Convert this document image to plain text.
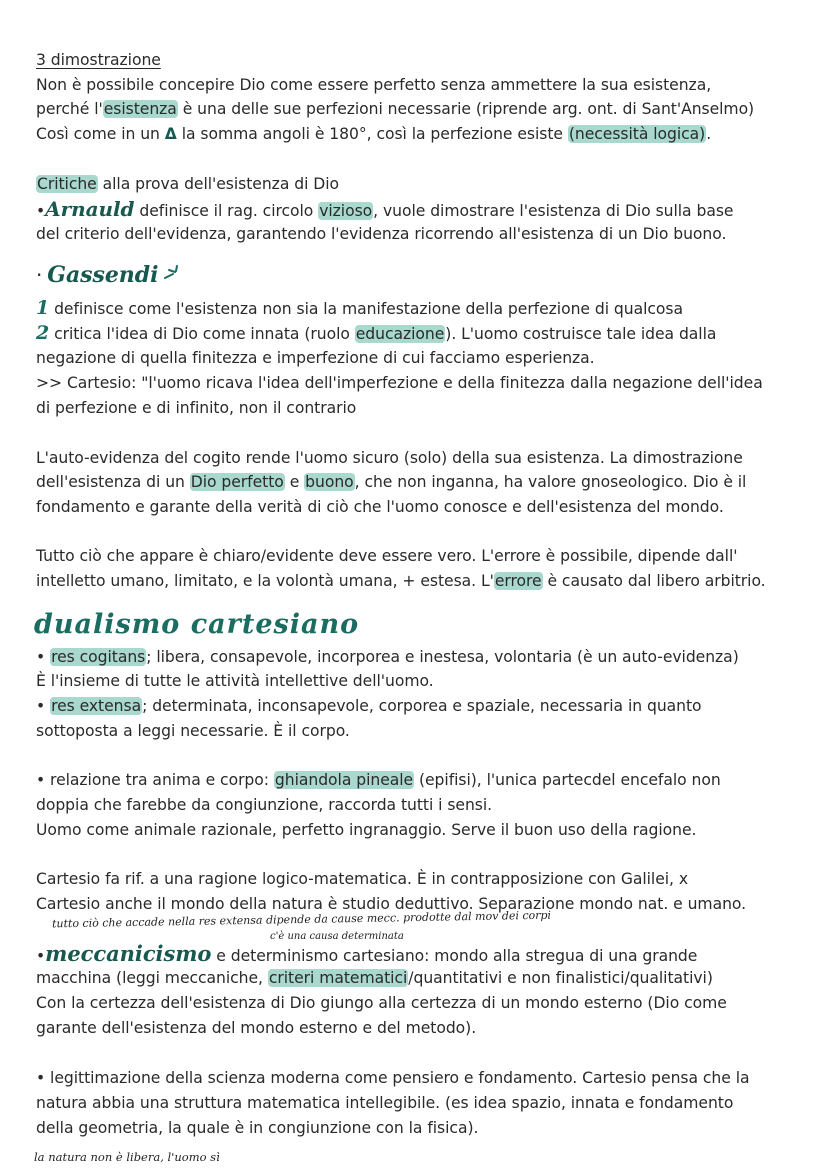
3 dimostrazione
Non è possibile concepire Dio come essere perfetto senza ammettere la sua esistenza,
perché l'esistenza è una delle sue perfezioni necessarie (riprende arg. ont. di Sant'Anselmo)
Così come in un Δ la somma angoli è 180°, così la perfezione esiste (necessità logica).
Critiche alla prova dell'esistenza di Dio
•Arnauld definisce il rag. circolo vizioso, vuole dimostrare l'esistenza di Dio sulla base
del criterio dell'evidenza, garantendo l'evidenza ricorrendo all'esistenza di un Dio buono.
· Gassendi
1 definisce come l'esistenza non sia la manifestazione della perfezione di qualcosa
2 critica l'idea di Dio come innata (ruolo educazione). L'uomo costruisce tale idea dalla
negazione di quella finitezza e imperfezione di cui facciamo esperienza.
>> Cartesio: "l'uomo ricava l'idea dell'imperfezione e della finitezza dalla negazione dell'idea
di perfezione e di infinito, non il contrario
L'auto-evidenza del cogito rende l'uomo sicuro (solo) della sua esistenza. La dimostrazione
dell'esistenza di un Dio perfetto e buono, che non inganna, ha valore gnoseologico. Dio è il
fondamento e garante della verità di ciò che l'uomo conosce e dell'esistenza del mondo.
Tutto ciò che appare è chiaro/evidente deve essere vero. L'errore è possibile, dipende dall'
intelletto umano, limitato, e la volontà umana, + estesa. L'errore è causato dal libero arbitrio.
dualismo cartesiano
• res cogitans; libera, consapevole, incorporea e inestesa, volontaria (è un auto-evidenza)
È l'insieme di tutte le attività intellettive dell'uomo.
• res extensa; determinata, inconsapevole, corporea e spaziale, necessaria in quanto
sottoposta a leggi necessarie. È il corpo.
• relazione tra anima e corpo: ghiandola pineale (epifisi), l'unica partecdel encefalo non
doppia che farebbe da congiunzione, raccorda tutti i sensi.
Uomo come animale razionale, perfetto ingranaggio. Serve il buon uso della ragione.
Cartesio fa rif. a una ragione logico-matematica. È in contrapposizione con Galilei, x
Cartesio anche il mondo della natura è studio deduttivo. Separazione mondo nat. e umano.
tutto ciò che accade nella res extensa dipende da cause mecc. prodotte dal mov dei corpi
c'è una causa determinata
•meccanicismo e determinismo cartesiano: mondo alla stregua di una grande
macchina (leggi meccaniche, criteri matematici/quantitativi e non finalistici/qualitativi)
Con la certezza dell'esistenza di Dio giungo alla certezza di un mondo esterno (Dio come
garante dell'esistenza del mondo esterno e del metodo).
• legittimazione della scienza moderna come pensiero e fondamento. Cartesio pensa che la
natura abbia una struttura matematica intellegibile. (es idea spazio, innata e fondamento
della geometria, la quale è in congiunzione con la fisica).
la natura non è libera, l'uomo sì
